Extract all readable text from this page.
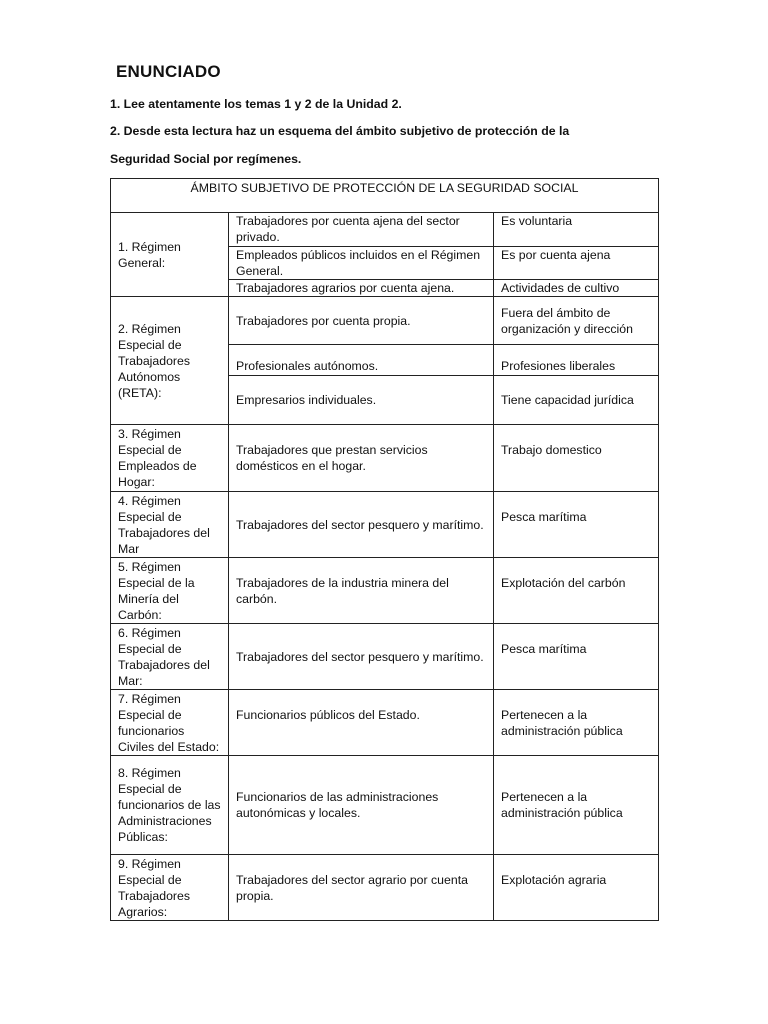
ENUNCIADO
1. Lee atentamente los temas 1 y 2 de la Unidad 2.
2. Desde esta lectura haz un esquema del ámbito subjetivo de protección de la
Seguridad Social por regímenes.
ÁMBITO SUBJETIVO DE PROTECCIÓN DE LA SEGURIDAD SOCIAL		
1. Régimen General:	Trabajadores por cuenta ajena del sector privado.	Es voluntaria
	Empleados públicos incluidos en el Régimen General.	Es por cuenta ajena
	Trabajadores agrarios por cuenta ajena.	Actividades de cultivo
2. Régimen Especial de Trabajadores Autónomos (RETA):	Trabajadores por cuenta propia.	Fuera del ámbito de organización y dirección
	Profesionales autónomos.	Profesiones liberales
	Empresarios individuales.	Tiene capacidad jurídica
3. Régimen Especial de Empleados de Hogar:	Trabajadores que prestan servicios domésticos en el hogar.	Trabajo domestico
4. Régimen Especial de Trabajadores del Mar	Trabajadores del sector pesquero y marítimo.	Pesca marítima
5. Régimen Especial de la Minería del Carbón:	Trabajadores de la industria minera del carbón.	Explotación del carbón
6. Régimen Especial de Trabajadores del Mar:	Trabajadores del sector pesquero y marítimo.	Pesca marítima
7. Régimen Especial de funcionarios Civiles del Estado:	Funcionarios públicos del Estado.	Pertenecen a la administración pública
8. Régimen Especial de funcionarios de las Administraciones Públicas:	Funcionarios de las administraciones autonómicas y locales.	Pertenecen a la administración pública
9. Régimen Especial de Trabajadores Agrarios:	Trabajadores del sector agrario por cuenta propia.	Explotación agraria
